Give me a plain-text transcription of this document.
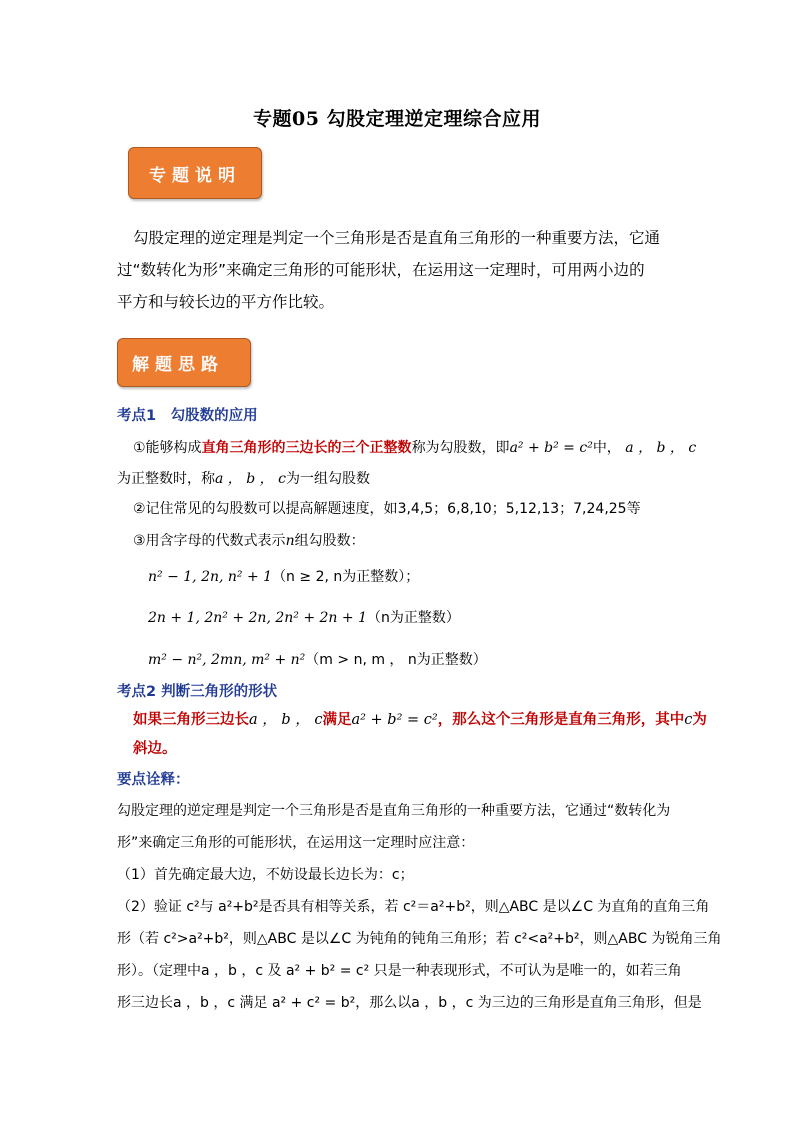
专题05 勾股定理逆定理综合应用
专题说明
勾股定理的逆定理是判定一个三角形是否是直角三角形的一种重要方法，它通
过“数转化为形”来确定三角形的可能形状，在运用这一定理时，可用两小边的
平方和与较长边的平方作比较。
解题思路
考点1　勾股数的应用
①能够构成直角三角形的三边长的三个正整数称为勾股数，即a² + b² = c²中， a ， b ， c
为正整数时，称a ， b ， c为一组勾股数
②记住常见的勾股数可以提高解题速度，如3,4,5；6,8,10；5,12,13；7,24,25等
③用含字母的代数式表示n组勾股数：
n² − 1, 2n, n² + 1（n ≥ 2, n为正整数）；
2n + 1, 2n² + 2n, 2n² + 2n + 1（n为正整数）
m² − n², 2mn, m² + n²（m > n, m ， n为正整数）
考点2 判断三角形的形状
如果三角形三边长a ， b ， c满足a² + b² = c²，那么这个三角形是直角三角形，其中c为
斜边。
要点诠释：
勾股定理的逆定理是判定一个三角形是否是直角三角形的一种重要方法，它通过“数转化为
形”来确定三角形的可能形状，在运用这一定理时应注意：
（1）首先确定最大边，不妨设最长边长为：c；
（2）验证 c²与 a²+b²是否具有相等关系，若 c²＝a²+b²，则△ABC 是以∠C 为直角的直角三角
形（若 c²>a²+b²，则△ABC 是以∠C 为钝角的钝角三角形；若 c²<a²+b²，则△ABC 为锐角三角
形）。（定理中a ，b ，c 及 a² + b² = c² 只是一种表现形式，不可认为是唯一的，如若三角
形三边长a ，b ，c 满足 a² + c² = b²，那么以a ，b ，c 为三边的三角形是直角三角形，但是
